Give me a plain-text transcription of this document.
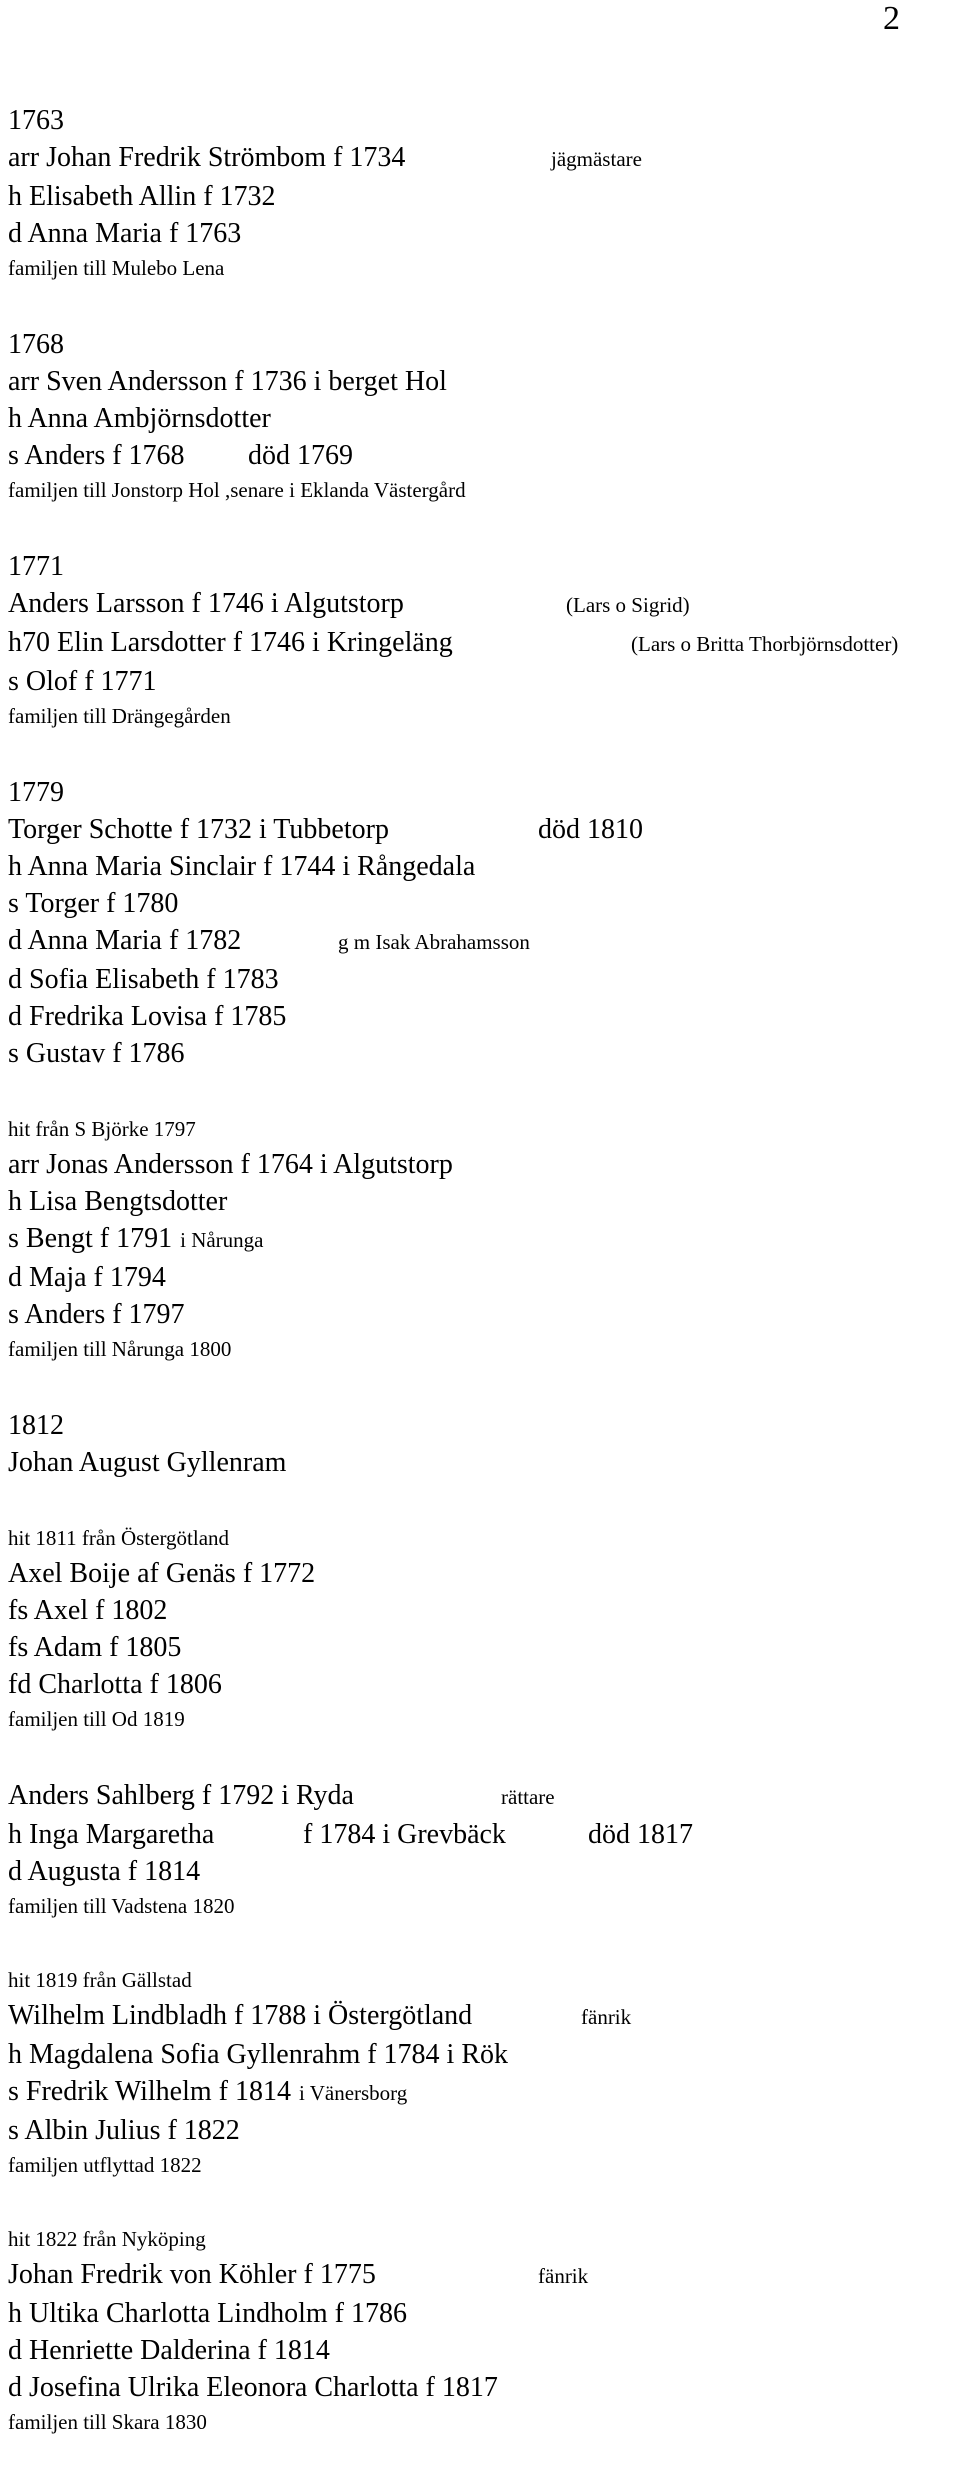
2
1763
arr Johan Fredrik Strömbom f 1734	jägmästare
h Elisabeth Allin f 1732
d Anna Maria f 1763
familjen till Mulebo Lena
1768
arr Sven Andersson f 1736 i berget Hol
h Anna Ambjörnsdotter
s Anders f 1768	död 1769
familjen till Jonstorp Hol ,senare i Eklanda Västergård
1771
Anders Larsson f 1746 i Algutstorp	(Lars o Sigrid)
h70 Elin Larsdotter f 1746 i Kringeläng	(Lars o Britta Thorbjörnsdotter)
s Olof f 1771
familjen till Drängegården
1779
Torger Schotte f 1732 i Tubbetorp	död 1810
h Anna Maria Sinclair f 1744 i Rångedala
s Torger f 1780
d Anna Maria f 1782	g m Isak Abrahamsson
d Sofia Elisabeth f 1783
d Fredrika Lovisa f 1785
s Gustav f 1786
hit från S Björke 1797
arr Jonas Andersson f 1764 i Algutstorp
h Lisa Bengtsdotter
s Bengt f 1791 i Nårunga
d Maja f 1794
s Anders f 1797
familjen till Nårunga 1800
1812
Johan August Gyllenram
hit 1811 från Östergötland
Axel Boije af Genäs f 1772
fs Axel f 1802
fs Adam f 1805
fd Charlotta f 1806
familjen till Od 1819
Anders Sahlberg f 1792 i Ryda	rättare
h Inga Margaretha	f 1784 i Grevbäck	död 1817
d Augusta f 1814
familjen till Vadstena 1820
hit 1819 från Gällstad
Wilhelm Lindbladh f 1788 i Östergötland	fänrik
h Magdalena Sofia Gyllenrahm f 1784 i Rök
s Fredrik Wilhelm f 1814 i Vänersborg
s Albin Julius f 1822
familjen utflyttad 1822
hit 1822 från Nyköping
Johan Fredrik von Köhler f 1775	fänrik
h Ultika Charlotta Lindholm f 1786
d Henriette Dalderina f 1814
d Josefina Ulrika Eleonora Charlotta f 1817
familjen till Skara 1830
